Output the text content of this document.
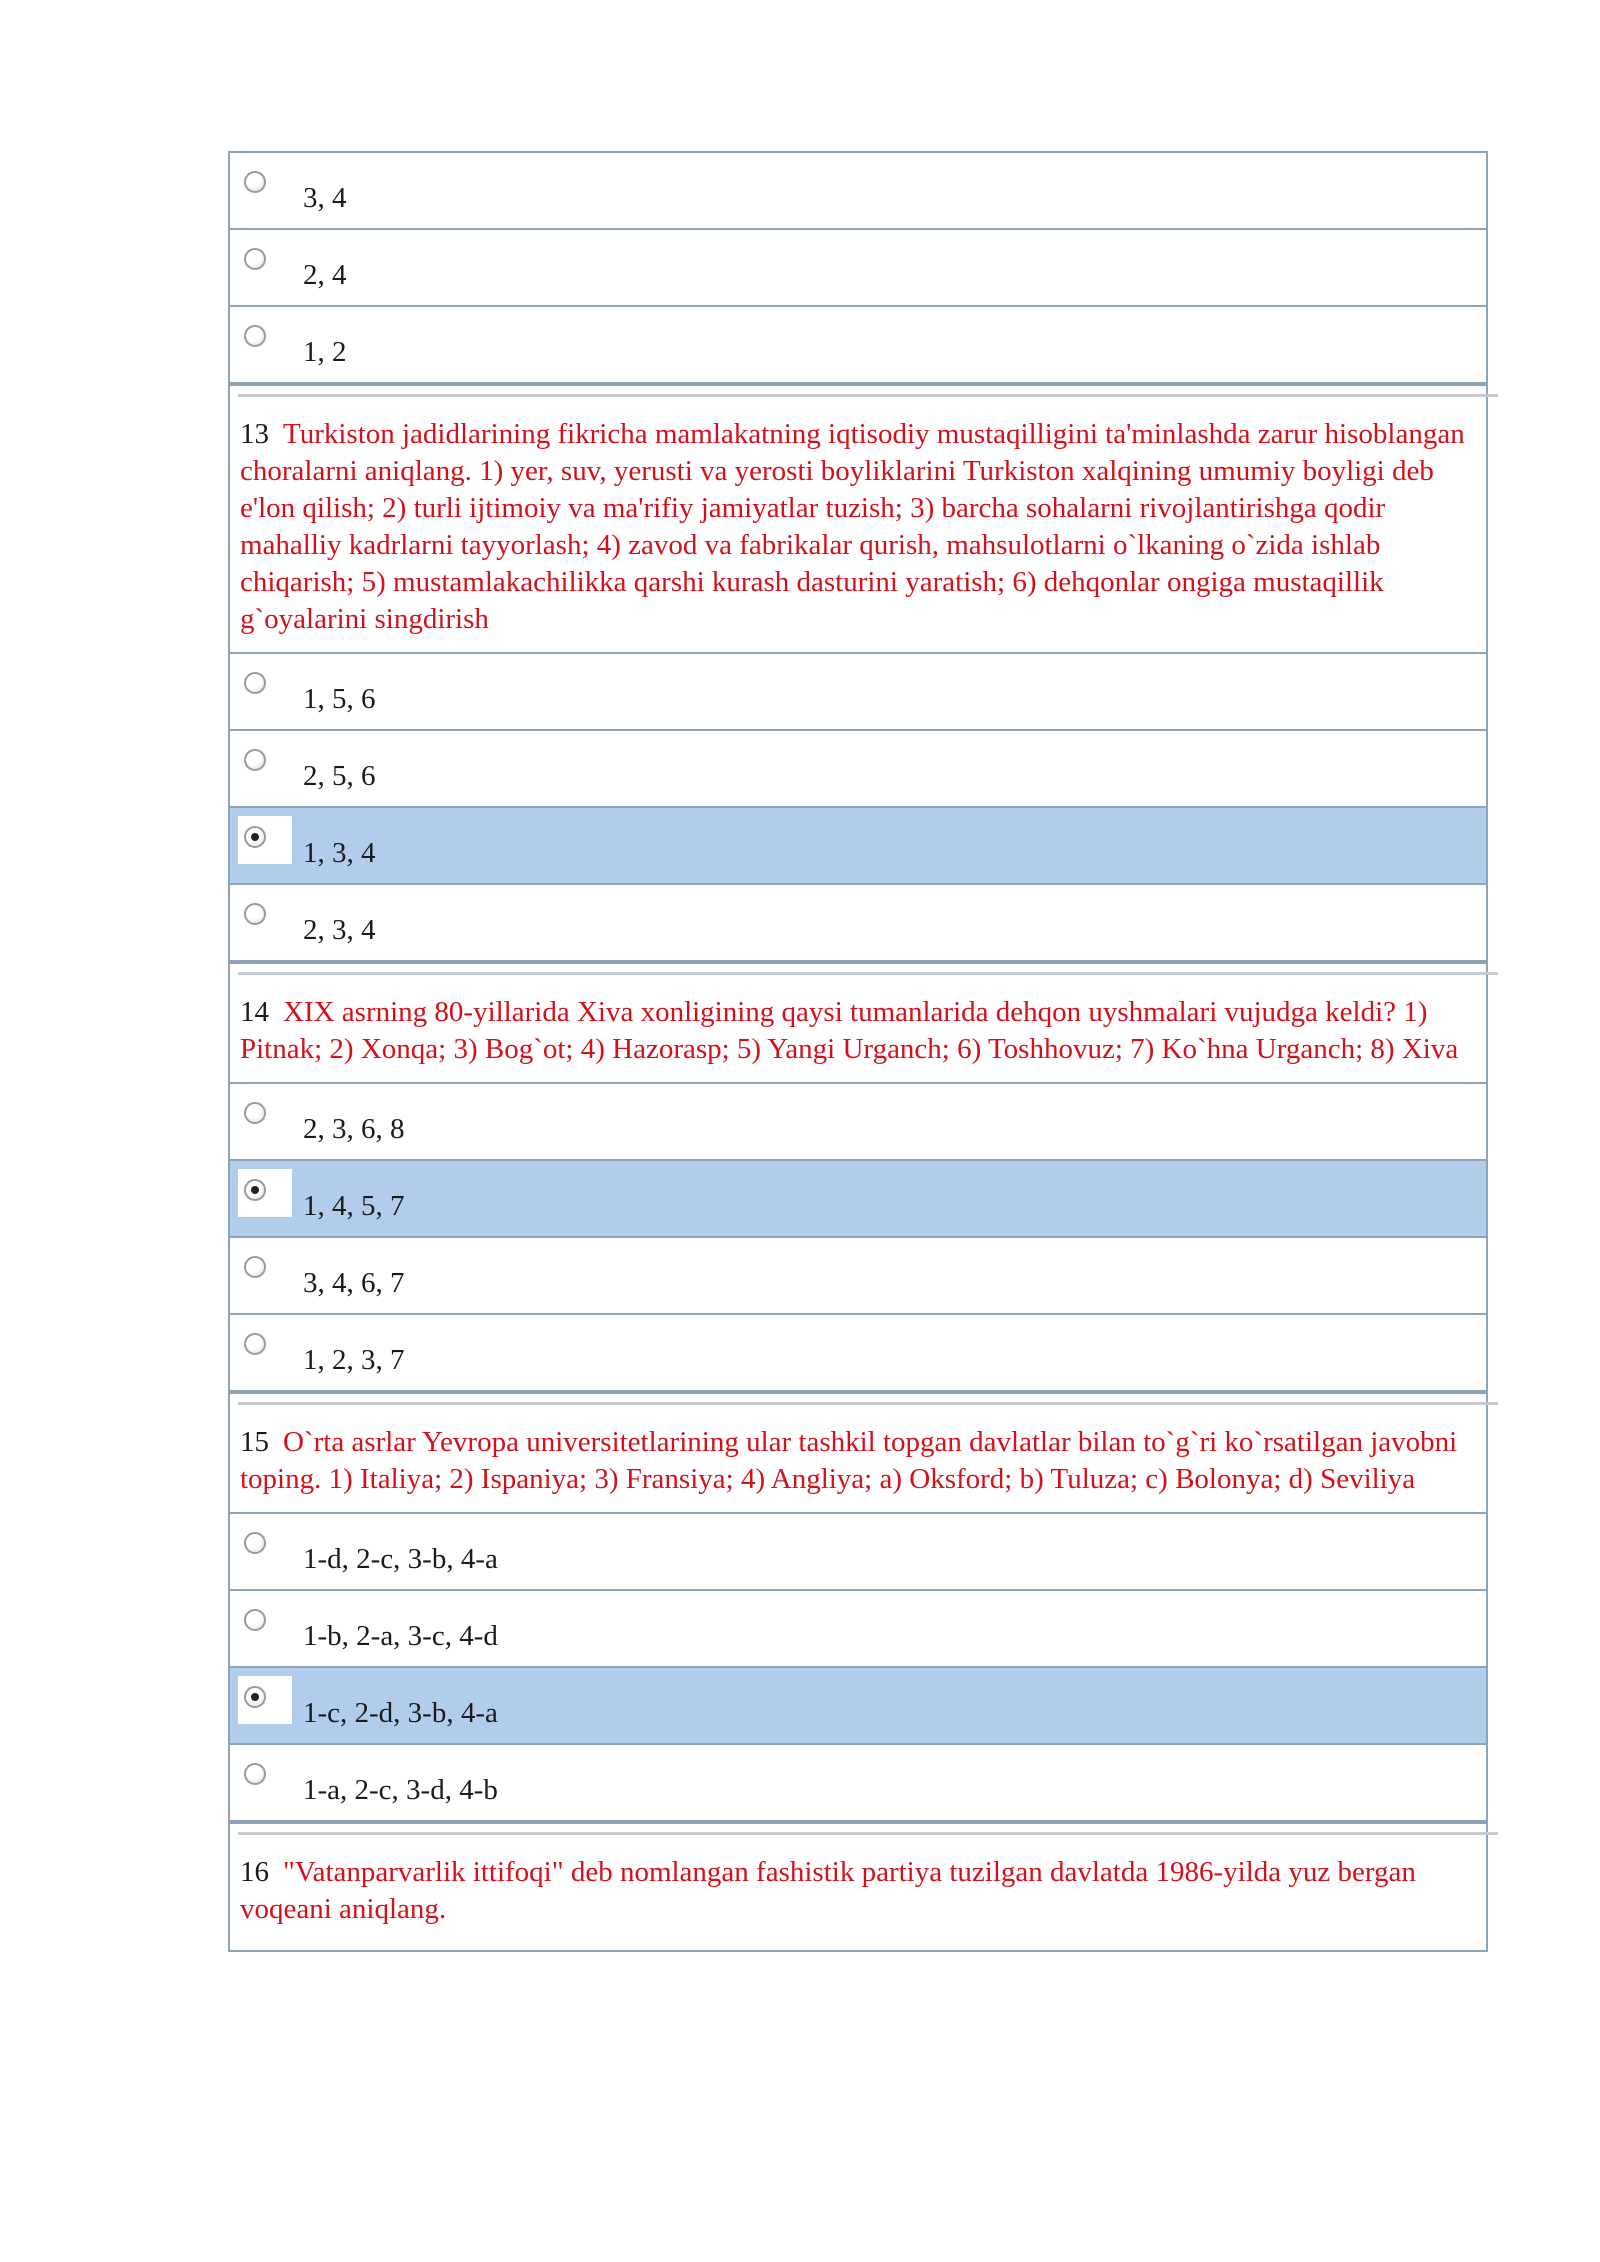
3, 4
2, 4
1, 2
13 Turkiston jadidlarining fikricha mamlakatning iqtisodiy mustaqilligini ta'minlashda zarur hisoblangan choralarni aniqlang. 1) yer, suv, yerusti va yerosti boyliklarini Turkiston xalqining umumiy boyligi deb e'lon qilish; 2) turli ijtimoiy va ma'rifiy jamiyatlar tuzish; 3) barcha sohalarni rivojlantirishga qodir mahalliy kadrlarni tayyorlash; 4) zavod va fabrikalar qurish, mahsulotlarni o`lkaning o`zida ishlab chiqarish; 5) mustamlakachilikka qarshi kurash dasturini yaratish; 6) dehqonlar ongiga mustaqillik g`oyalarini singdirish
1, 5, 6
2, 5, 6
1, 3, 4
2, 3, 4
14 XIX asrning 80-yillarida Xiva xonligining qaysi tumanlarida dehqon uyshmalari vujudga keldi? 1) Pitnak; 2) Xonqa; 3) Bog`ot; 4) Hazorasp; 5) Yangi Urganch; 6) Toshhovuz; 7) Ko`hna Urganch; 8) Xiva
2, 3, 6, 8
1, 4, 5, 7
3, 4, 6, 7
1, 2, 3, 7
15 O`rta asrlar Yevropa universitetlarining ular tashkil topgan davlatlar bilan to`g`ri ko`rsatilgan javobni toping. 1) Italiya; 2) Ispaniya; 3) Fransiya; 4) Angliya; a) Oksford; b) Tuluza; c) Bolonya; d) Seviliya
1-d, 2-c, 3-b, 4-a
1-b, 2-a, 3-c, 4-d
1-c, 2-d, 3-b, 4-a
1-a, 2-c, 3-d, 4-b
16 "Vatanparvarlik ittifoqi" deb nomlangan fashistik partiya tuzilgan davlatda 1986-yilda yuz bergan voqeani aniqlang.
